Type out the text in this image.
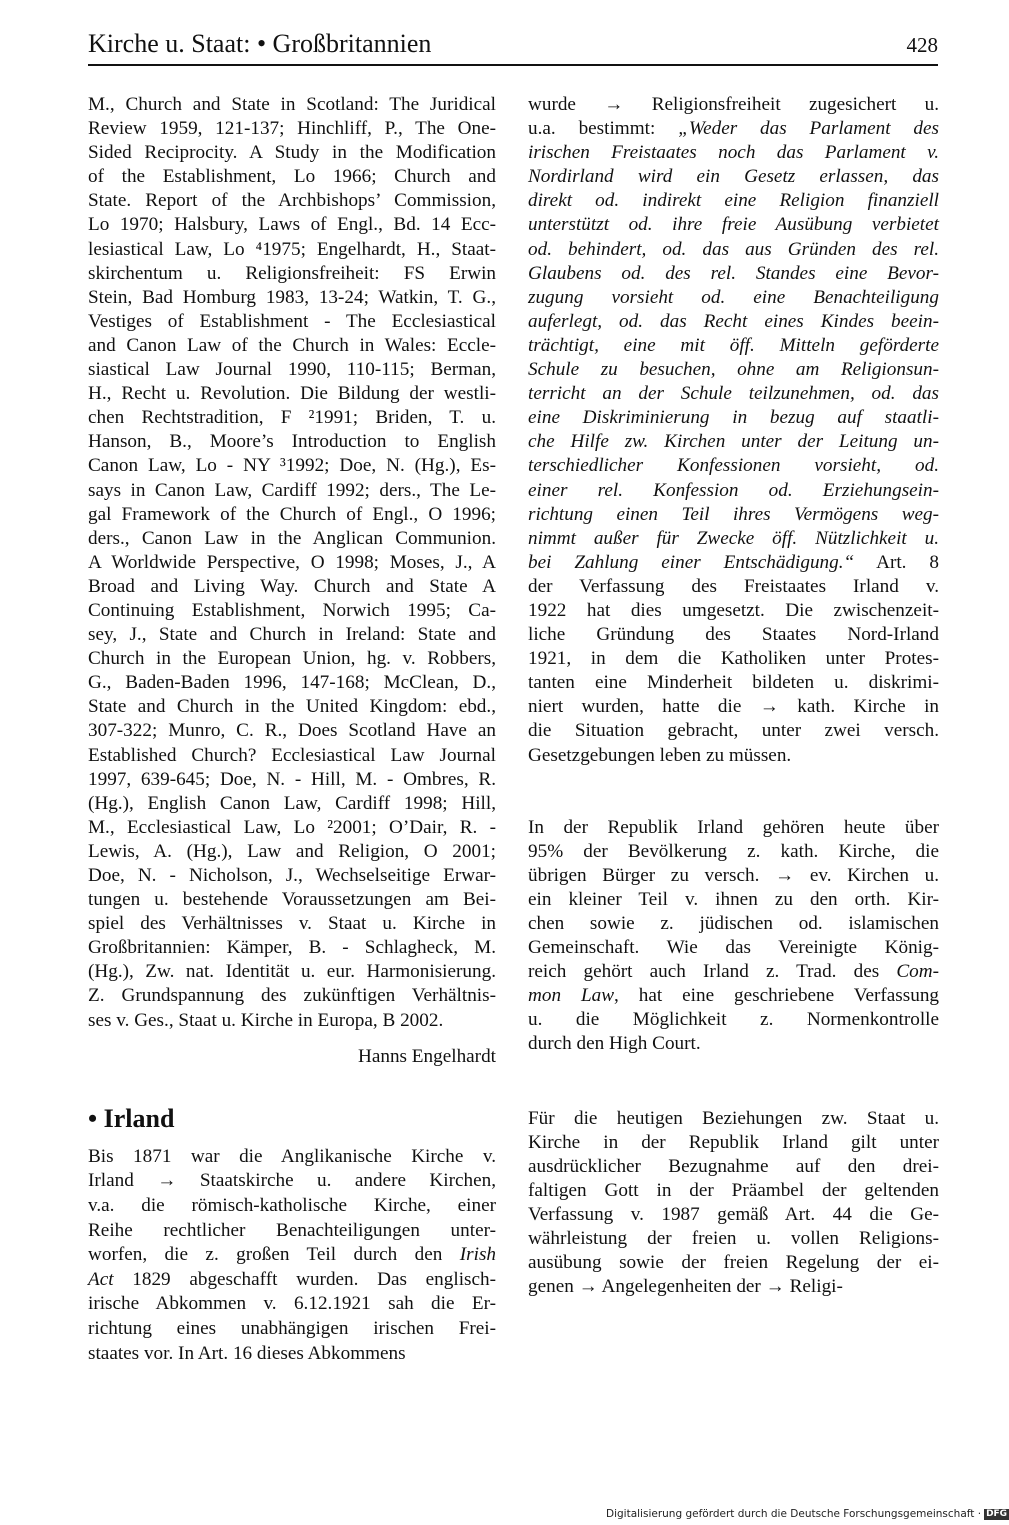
Kirche u. Staat: • Großbritannien	428
M., Church and State in Scotland: The Juridical
Review 1959, 121-137; Hinchliff, P., The One-
Sided Reciprocity. A Study in the Modification
of the Establishment, Lo 1966; Church and
State. Report of the Archbishops’ Commission,
Lo 1970; Halsbury, Laws of Engl., Bd. 14 Ecc-
lesiastical Law, Lo ⁴1975; Engelhardt, H., Staat-
skirchentum u. Religionsfreiheit: FS Erwin
Stein, Bad Homburg 1983, 13-24; Watkin, T. G.,
Vestiges of Establishment - The Ecclesiastical
and Canon Law of the Church in Wales: Eccle-
siastical Law Journal 1990, 110-115; Berman,
H., Recht u. Revolution. Die Bildung der westli-
chen Rechtstradition, F ²1991; Briden, T. u.
Hanson, B., Moore’s Introduction to English
Canon Law, Lo - NY ³1992; Doe, N. (Hg.), Es-
says in Canon Law, Cardiff 1992; ders., The Le-
gal Framework of the Church of Engl., O 1996;
ders., Canon Law in the Anglican Communion.
A Worldwide Perspective, O 1998; Moses, J., A
Broad and Living Way. Church and State A
Continuing Establishment, Norwich 1995; Ca-
sey, J., State and Church in Ireland: State and
Church in the European Union, hg. v. Robbers,
G., Baden-Baden 1996, 147-168; McClean, D.,
State and Church in the United Kingdom: ebd.,
307-322; Munro, C. R., Does Scotland Have an
Established Church? Ecclesiastical Law Journal
1997, 639-645; Doe, N. - Hill, M. - Ombres, R.
(Hg.), English Canon Law, Cardiff 1998; Hill,
M., Ecclesiastical Law, Lo ²2001; O’Dair, R. -
Lewis, A. (Hg.), Law and Religion, O 2001;
Doe, N. - Nicholson, J., Wechselseitige Erwar-
tungen u. bestehende Voraussetzungen am Bei-
spiel des Verhältnisses v. Staat u. Kirche in
Großbritannien: Kämper, B. - Schlagheck, M.
(Hg.), Zw. nat. Identität u. eur. Harmonisierung.
Z. Grundspannung des zukünftigen Verhältnis-
ses v. Ges., Staat u. Kirche in Europa, B 2002.
Hanns Engelhardt
• Irland
Bis 1871 war die Anglikanische Kirche v.
Irland → Staatskirche u. andere Kirchen,
v.a. die römisch-katholische Kirche, einer
Reihe rechtlicher Benachteiligungen unter-
worfen, die z. großen Teil durch den Irish
Act 1829 abgeschafft wurden. Das englisch-
irische Abkommen v. 6.12.1921 sah die Er-
richtung eines unabhängigen irischen Frei-
staates vor. In Art. 16 dieses Abkommens
wurde → Religionsfreiheit zugesichert u.
u.a. bestimmt: „Weder das Parlament des
irischen Freistaates noch das Parlament v.
Nordirland wird ein Gesetz erlassen, das
direkt od. indirekt eine Religion finanziell
unterstützt od. ihre freie Ausübung verbietet
od. behindert, od. das aus Gründen des rel.
Glaubens od. des rel. Standes eine Bevor-
zugung vorsieht od. eine Benachteiligung
auferlegt, od. das Recht eines Kindes beein-
trächtigt, eine mit öff. Mitteln geförderte
Schule zu besuchen, ohne am Religionsun-
terricht an der Schule teilzunehmen, od. das
eine Diskriminierung in bezug auf staatli-
che Hilfe zw. Kirchen unter der Leitung un-
terschiedlicher Konfessionen vorsieht, od.
einer rel. Konfession od. Erziehungsein-
richtung einen Teil ihres Vermögens weg-
nimmt außer für Zwecke öff. Nützlichkeit u.
bei Zahlung einer Entschädigung.“ Art. 8
der Verfassung des Freistaates Irland v.
1922 hat dies umgesetzt. Die zwischenzeit-
liche Gründung des Staates Nord-Irland
1921, in dem die Katholiken unter Protes-
tanten eine Minderheit bildeten u. diskrimi-
niert wurden, hatte die → kath. Kirche in
die Situation gebracht, unter zwei versch.
Gesetzgebungen leben zu müssen.
In der Republik Irland gehören heute über
95% der Bevölkerung z. kath. Kirche, die
übrigen Bürger zu versch. → ev. Kirchen u.
ein kleiner Teil v. ihnen zu den orth. Kir-
chen sowie z. jüdischen od. islamischen
Gemeinschaft. Wie das Vereinigte König-
reich gehört auch Irland z. Trad. des Com-
mon Law, hat eine geschriebene Verfassung
u. die Möglichkeit z. Normenkontrolle
durch den High Court.
Für die heutigen Beziehungen zw. Staat u.
Kirche in der Republik Irland gilt unter
ausdrücklicher Bezugnahme auf den drei-
faltigen Gott in der Präambel der geltenden
Verfassung v. 1987 gemäß Art. 44 die Ge-
währleistung der freien u. vollen Religions-
ausübung sowie der freien Regelung der ei-
genen → Angelegenheiten der → Religi-
Digitalisierung gefördert durch die Deutsche Forschungsgemeinschaft · DFG
